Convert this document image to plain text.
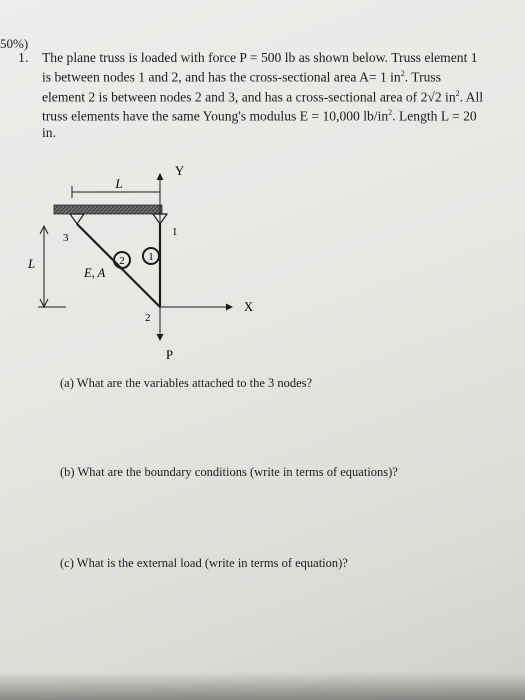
50%)
1. The plane truss is loaded with force P = 500 lb as shown below. Truss element 1

is between nodes 1 and 2, and has the cross-sectional area A= 1 $in^2$. Truss

element 2 is between nodes 2 and 3, and has a cross-sectional area of 2√2 $in^2$. All

truss elements have the same Young's modulus E = 10,000 $lb/in^2$. Length L = 20

in.

L
Y
X
P
L
3	1
2
2 1
E, A
(a) What are the variables attached to the 3 nodes?
(b) What are the boundary conditions (write in terms of equations)?
(c) What is the external load (write in terms of equation)?
